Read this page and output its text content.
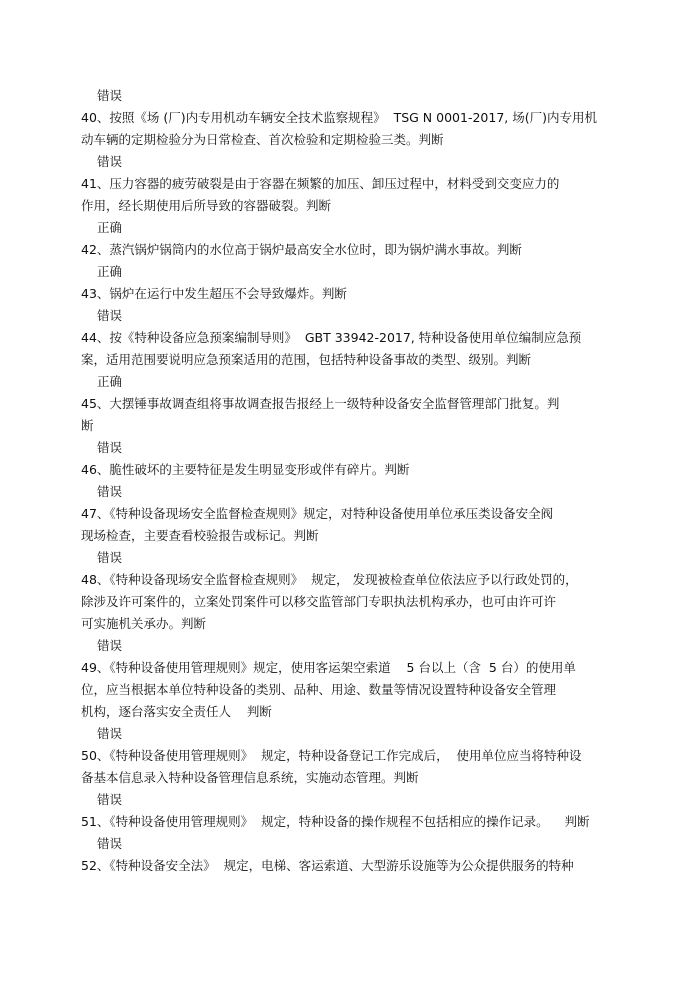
错误
40、按照《场 (厂)内专用机动车辆安全技术监察规程》  TSG N 0001-2017, 场(厂)内专用机
动车辆的定期检验分为日常检查、首次检验和定期检验三类。判断
错误
41、压力容器的疲劳破裂是由于容器在频繁的加压、卸压过程中，材料受到交变应力的
作用，经长期使用后所导致的容器破裂。判断
正确
42、蒸汽锅炉锅筒内的水位高于锅炉最高安全水位时，即为锅炉满水事故。判断
正确
43、锅炉在运行中发生超压不会导致爆炸。判断
错误
44、按《特种设备应急预案编制导则》  GBT 33942-2017, 特种设备使用单位编制应急预
案，适用范围要说明应急预案适用的范围，包括特种设备事故的类型、级别。判断
正确
45、大摆锤事故调查组将事故调查报告报经上一级特种设备安全监督管理部门批复。判
断
错误
46、脆性破坏的主要特征是发生明显变形或伴有碎片。判断
错误
47、《特种设备现场安全监督检查规则》规定，对特种设备使用单位承压类设备安全阀
现场检查，主要查看校验报告或标记。判断
错误
48、《特种设备现场安全监督检查规则》  规定， 发现被检查单位依法应予以行政处罚的，
除涉及许可案件的，立案处罚案件可以移交监管部门专职执法机构承办，也可由许可许
可实施机关承办。判断
错误
49、《特种设备使用管理规则》规定，使用客运架空索道    5 台以上（含  5 台）的使用单
位，应当根据本单位特种设备的类别、品种、用途、数量等情况设置特种设备安全管理
机构，逐台落实安全责任人    判断
错误
50、《特种设备使用管理规则》  规定，特种设备登记工作完成后，  使用单位应当将特种设
备基本信息录入特种设备管理信息系统，实施动态管理。判断
错误
51、《特种设备使用管理规则》  规定，特种设备的操作规程不包括相应的操作记录。    判断
错误
52、《特种设备安全法》  规定，电梯、客运索道、大型游乐设施等为公众提供服务的特种
